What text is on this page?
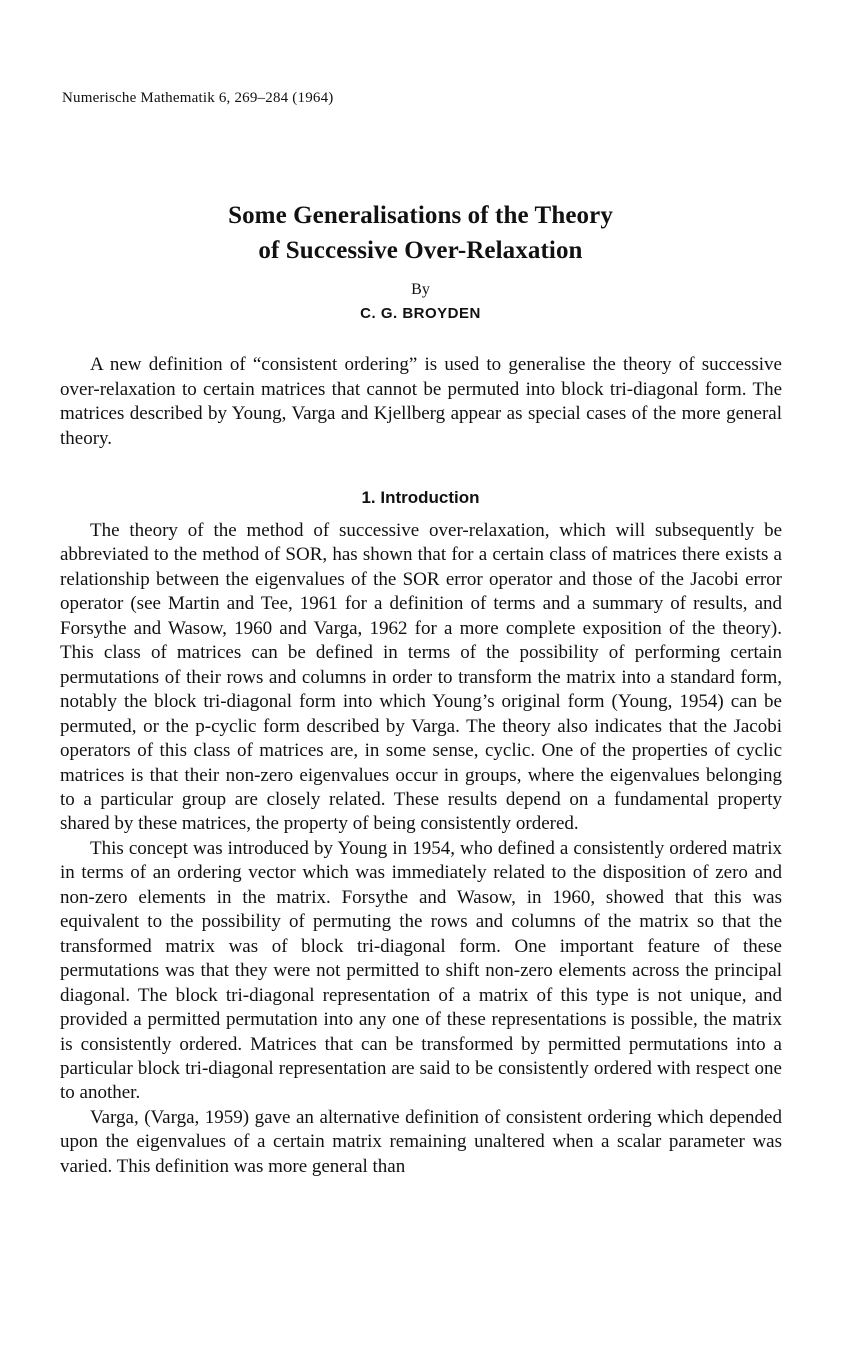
Numerische Mathematik 6, 269–284 (1964)
Some Generalisations of the Theory
of Successive Over-Relaxation
By
C. G. BROYDEN

A new definition of “consistent ordering” is used to generalise the theory of successive over-relaxation to certain matrices that cannot be permuted into block tri-diagonal form. The matrices described by Young, Varga and Kjellberg appear as special cases of the more general theory.

1. Introduction

The theory of the method of successive over-relaxation, which will subsequently be abbreviated to the method of SOR, has shown that for a certain class of matrices there exists a relationship between the eigenvalues of the SOR error operator and those of the Jacobi error operator (see Martin and Tee, 1961 for a definition of terms and a summary of results, and Forsythe and Wasow, 1960 and Varga, 1962 for a more complete exposition of the theory). This class of matrices can be defined in terms of the possibility of performing certain permutations of their rows and columns in order to transform the matrix into a standard form, notably the block tri-diagonal form into which Young’s original form (Young, 1954) can be permuted, or the p-cyclic form described by Varga. The theory also indicates that the Jacobi operators of this class of matrices are, in some sense, cyclic. One of the properties of cyclic matrices is that their non-zero eigenvalues occur in groups, where the eigenvalues belonging to a particular group are closely related. These results depend on a fundamental property shared by these matrices, the property of being consistently ordered.

This concept was introduced by Young in 1954, who defined a consistently ordered matrix in terms of an ordering vector which was immediately related to the disposition of zero and non-zero elements in the matrix. Forsythe and Wasow, in 1960, showed that this was equivalent to the possibility of permuting the rows and columns of the matrix so that the transformed matrix was of block tri-diagonal form. One important feature of these permutations was that they were not permitted to shift non-zero elements across the principal diagonal. The block tri-diagonal representation of a matrix of this type is not unique, and provided a permitted permutation into any one of these representations is possible, the matrix is consistently ordered. Matrices that can be transformed by permitted permutations into a particular block tri-diagonal representation are said to be consistently ordered with respect one to another.

Varga, (Varga, 1959) gave an alternative definition of consistent ordering which depended upon the eigenvalues of a certain matrix remaining unaltered when a scalar parameter was varied. This definition was more general than
